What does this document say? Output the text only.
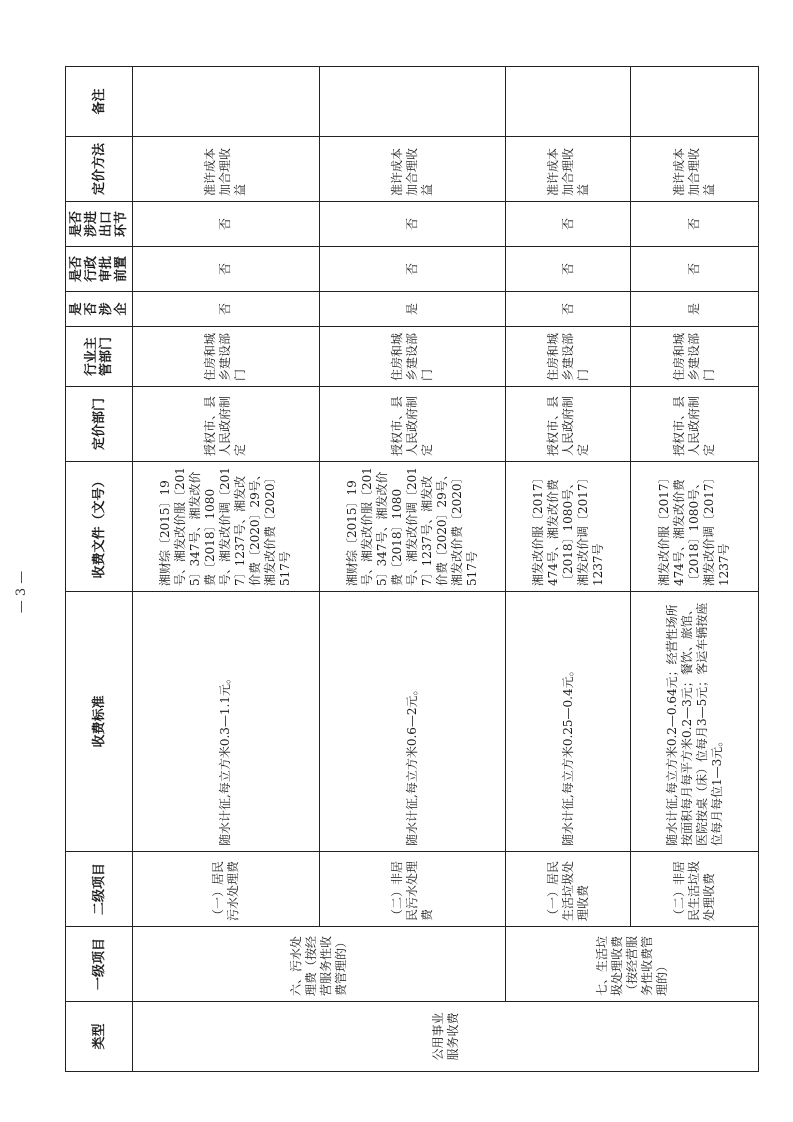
类型	一级项目	二级项目	收费标准	收费文件（文号）	定价部门	行业主管部门	是否涉企	是否行政审批前置	是否涉进出口环节	定价方法	备注
公用事业服务收费	六、污水处理费（按经营服务性收费管理的）	（一）居民污水处理费	随水计征,每立方米0.3—1.1元。	湘财综〔2015〕19号、湘发改价服〔2015〕347号、湘发改价费〔2018〕1080号、湘发改价调〔2017〕1237号、湘发改价费〔2020〕29号、湘发改价费〔2020〕517号	授权市、县人民政府制定	住房和城乡建设部门	否	否	否	准许成本加合理收益	
		（二）非居民污水处理费	随水计征,每立方米0.6—2元。	湘财综〔2015〕19号、湘发改价服〔2015〕347号、湘发改价费〔2018〕1080号、湘发改价调〔2017〕1237号、湘发改价费〔2020〕29号、湘发改价费〔2020〕517号	授权市、县人民政府制定	住房和城乡建设部门	是	否	否	准许成本加合理收益	
	七、生活垃圾处理收费（按经营服务性收费管理的）	（一）居民生活垃圾处理收费	随水计征,每立方米0.25—0.4元。	湘发改价服〔2017〕474号、湘发改价费〔2018〕1080号、湘发改价调〔2017〕1237号	授权市、县人民政府制定	住房和城乡建设部门	否	否	否	准许成本加合理收益	
		（二）非居民生活垃圾处理收费	随水计征,每立方米0.2—0.64元；经营性场所按面积每月每平方米0.2—3元；餐饮、旅馆、医院按桌（床）位每月3—5元；客运车辆按座位每月每位1—3元。	湘发改价服〔2017〕474号、湘发改价费〔2018〕1080号、湘发改价调〔2017〕1237号	授权市、县人民政府制定	住房和城乡建设部门	是	否	否	准许成本加合理收益	
— 3 —
